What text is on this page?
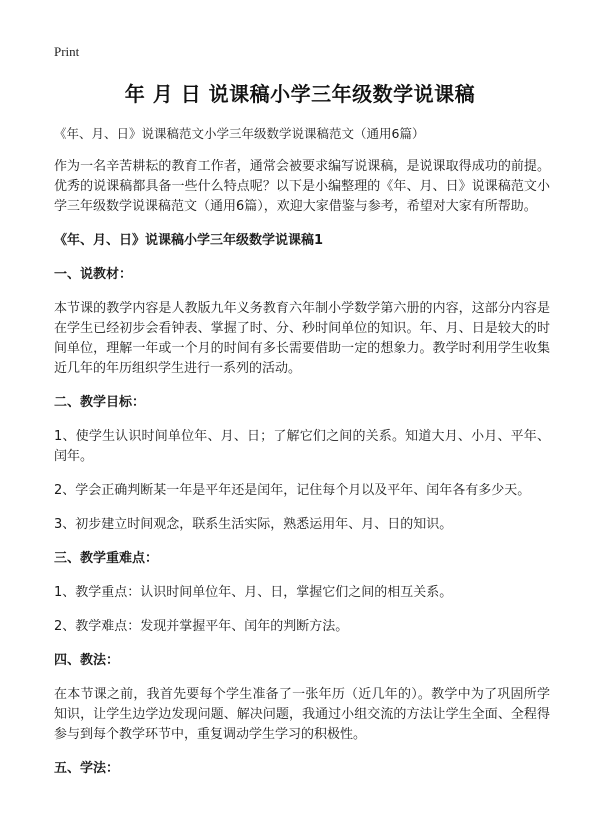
Print
年 月 日 说课稿小学三年级数学说课稿

《年、月、日》说课稿范文小学三年级数学说课稿范文（通用6篇）

作为一名辛苦耕耘的教育工作者，通常会被要求编写说课稿，是说课取得成功的前提。优秀的说课稿都具备一些什么特点呢？以下是小编整理的《年、月、日》说课稿范文小学三年级数学说课稿范文（通用6篇），欢迎大家借鉴与参考，希望对大家有所帮助。

《年、月、日》说课稿小学三年级数学说课稿1
一、说教材：

本节课的教学内容是人教版九年义务教育六年制小学数学第六册的内容，这部分内容是在学生已经初步会看钟表、掌握了时、分、秒时间单位的知识。年、月、日是较大的时间单位，理解一年或一个月的时间有多长需要借助一定的想象力。教学时利用学生收集近几年的年历组织学生进行一系列的活动。

二、教学目标：

1、使学生认识时间单位年、月、日；了解它们之间的关系。知道大月、小月、平年、闰年。

2、学会正确判断某一年是平年还是闰年，记住每个月以及平年、闰年各有多少天。

3、初步建立时间观念，联系生活实际，熟悉运用年、月、日的知识。

三、教学重难点：

1、教学重点：认识时间单位年、月、日，掌握它们之间的相互关系。

2、教学难点：发现并掌握平年、闰年的判断方法。

四、教法：

在本节课之前，我首先要每个学生准备了一张年历（近几年的）。教学中为了巩固所学知识，让学生边学边发现问题、解决问题，我通过小组交流的方法让学生全面、全程得参与到每个教学环节中，重复调动学生学习的积极性。

五、学法：
